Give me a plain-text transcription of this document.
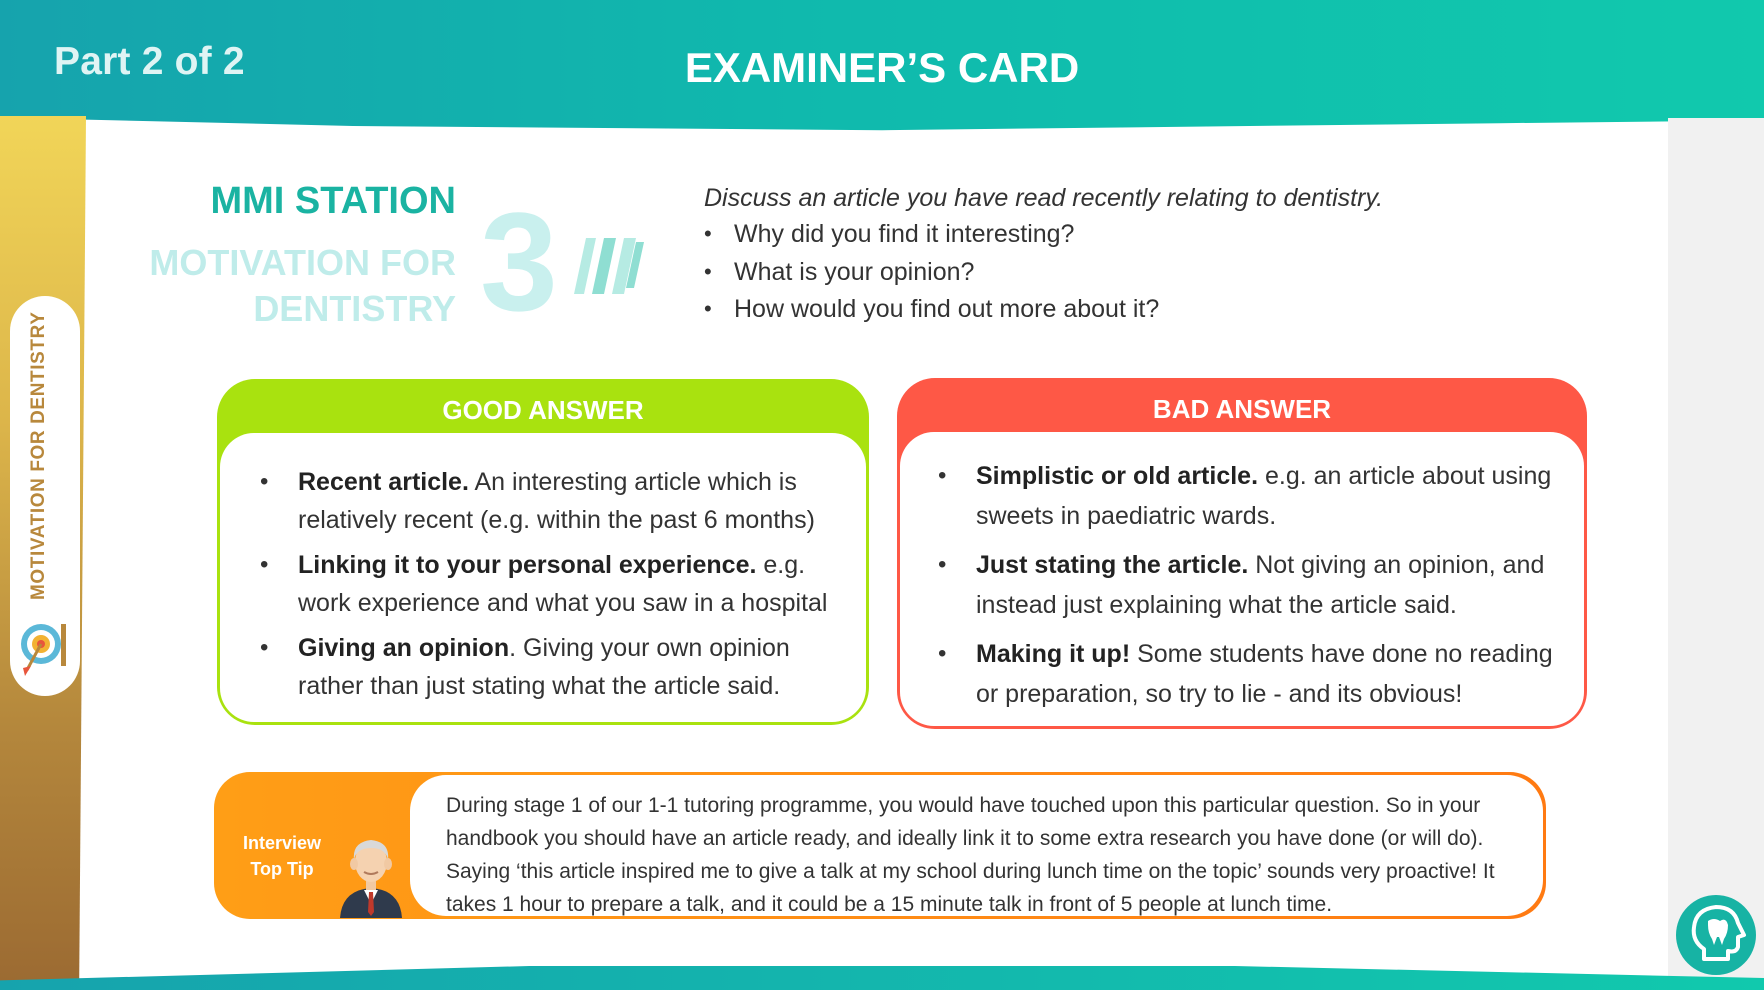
Part 2 of 2	EXAMINER’S CARD
MOTIVATION FOR DENTISTRY
MMI STATION
MOTIVATION FOR
DENTISTRY 3	Discuss an article you have read recently relating to dentistry.
• Why did you find it interesting?
• What is your opinion?
• How would you find out more about it?
GOOD ANSWER
•	Recent article. An interesting article which is relatively recent (e.g. within the past 6 months)
•	Linking it to your personal experience. e.g. work experience and what you saw in a hospital
•	Giving an opinion. Giving your own opinion rather than just stating what the article said.
BAD ANSWER
•	Simplistic or old article. e.g. an article about using sweets in paediatric wards.
•	Just stating the article. Not giving an opinion, and instead just explaining what the article said.
•	Making it up! Some students have done no reading or preparation, so try to lie - and its obvious!
Interview
Top Tip
During stage 1 of our 1-1 tutoring programme, you would have touched upon this particular question. So in your handbook you should have an article ready, and ideally link it to some extra research you have done (or will do). Saying ‘this article inspired me to give a talk at my school during lunch time on the topic’ sounds very proactive! It takes 1 hour to prepare a talk, and it could be a 15 minute talk in front of 5 people at lunch time.
